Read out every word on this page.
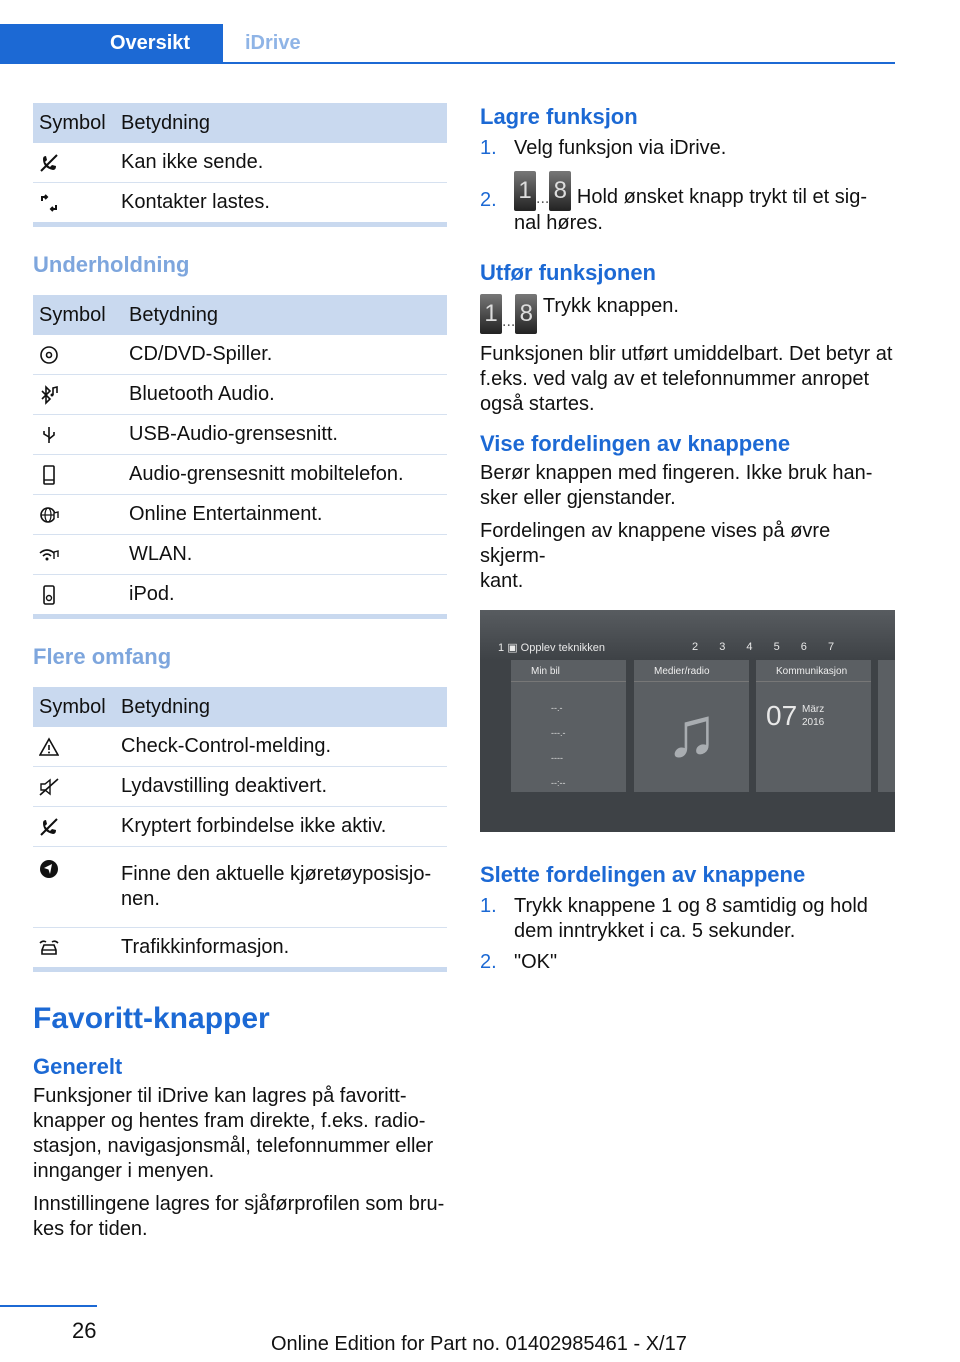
Oversikt	iDrive
Symbol	Betydning

	Kan ikke sende.

	Kontakter lastes.
Underholdning
Symbol	Betydning

	CD/DVD-Spiller.

	Bluetooth Audio.

	USB-Audio-grensesnitt.

	Audio-grensesnitt mobiltelefon.

	Online Entertainment.

	WLAN.

	iPod.
Flere omfang
Symbol	Betydning

	Check-Control-melding.

	Lydavstilling deaktivert.

	Kryptert forbindelse ikke aktiv.

	Finne den aktuelle kjøretøyposisjo-
nen.

	Trafikkinformasjon.
Favoritt-knapper
Generelt

Funksjoner til iDrive kan lagres på favoritt-
knapper og hentes fram direkte, f.eks. radio-
stasjon, navigasjonsmål, telefonnummer eller
innganger i menyen.

Innstillingene lagres for sjåførprofilen som bru-
kes for tiden.

Lagre funksjon
1. Velg funksjon via iDrive.
2. 1 ... 8 Hold ønsket knapp trykt til et sig-
nal høres.
Utfør funksjonen
1 ... 8 Trykk knappen.

Funksjonen blir utført umiddelbart. Det betyr at
f.eks. ved valg av et telefonnummer anropet
også startes.

Vise fordelingen av knappene

Berør knappen med fingeren. Ikke bruk han-
sker eller gjenstander.

Fordelingen av knappene vises på øvre skjerm-
kant.

1 ▣ Opplev teknikken	2 3 4 5 6 7
Min bil
--.-
---.-
----
--:--
Medier/radio
♫
Kommunikasjon
07 März
2016
Slette fordelingen av knappene
1. Trykk knappene 1 og 8 samtidig og hold
dem inntrykket i ca. 5 sekunder.
2. "OK"
26
Online Edition for Part no. 01402985461 - X/17
